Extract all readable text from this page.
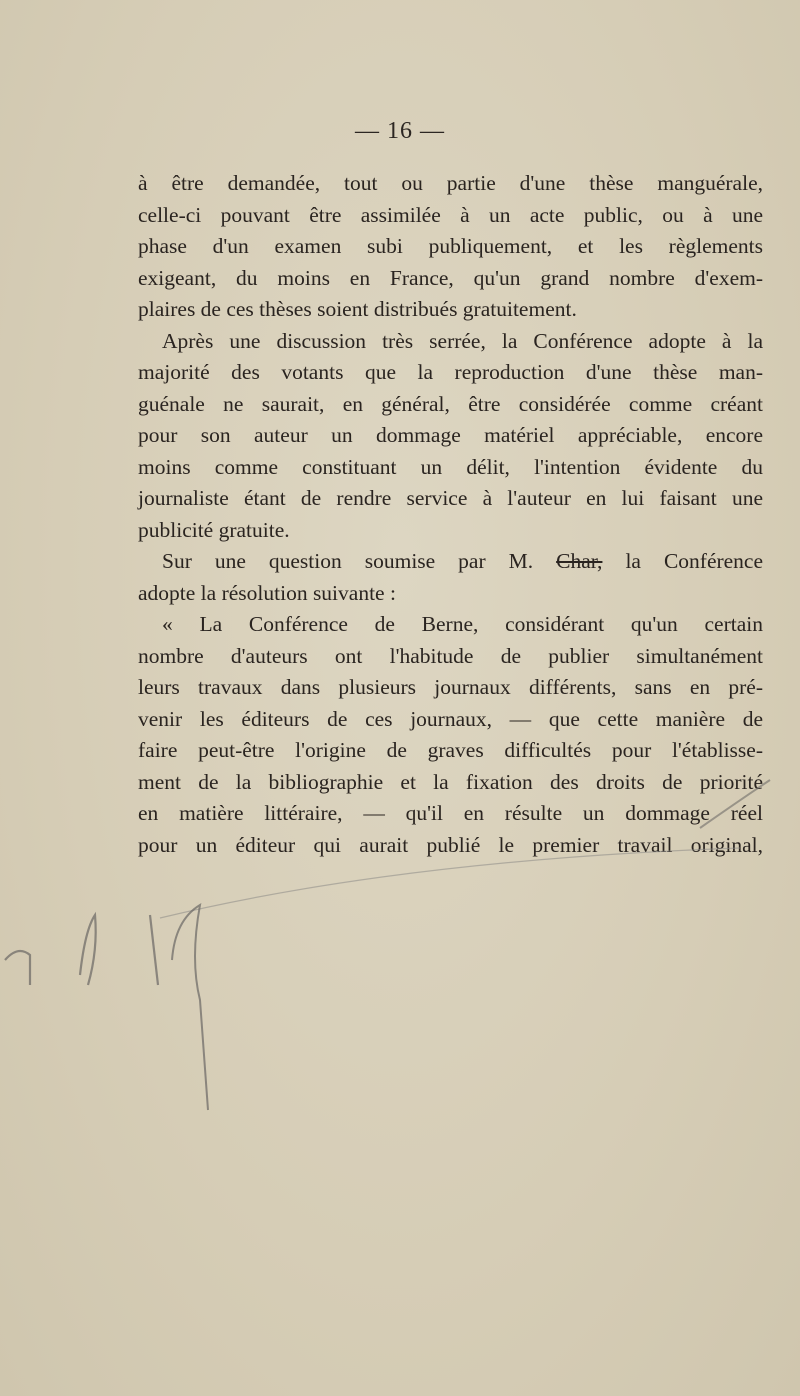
— 16 —
à être demandée, tout ou partie d'une thèse manguérale,
celle-ci pouvant être assimilée à un acte public, ou à une
phase d'un examen subi publiquement, et les règlements
exigeant, du moins en France, qu'un grand nombre d'exem-
plaires de ces thèses soient distribués gratuitement.
Après une discussion très serrée, la Conférence adopte à la
majorité des votants que la reproduction d'une thèse man-
guénale ne saurait, en général, être considérée comme créant
pour son auteur un dommage matériel appréciable, encore
moins comme constituant un délit, l'intention évidente du
journaliste étant de rendre service à l'auteur en lui faisant une
publicité gratuite.
Sur une question soumise par M. Char, la Conférence
adopte la résolution suivante :
« La Conférence de Berne, considérant qu'un certain
nombre d'auteurs ont l'habitude de publier simultanément
leurs travaux dans plusieurs journaux différents, sans en pré-
venir les éditeurs de ces journaux, — que cette manière de
faire peut-être l'origine de graves difficultés pour l'établisse-
ment de la bibliographie et la fixation des droits de priorité
en matière littéraire, — qu'il en résulte un dommage réel
pour un éditeur qui aurait publié le premier travail original,
